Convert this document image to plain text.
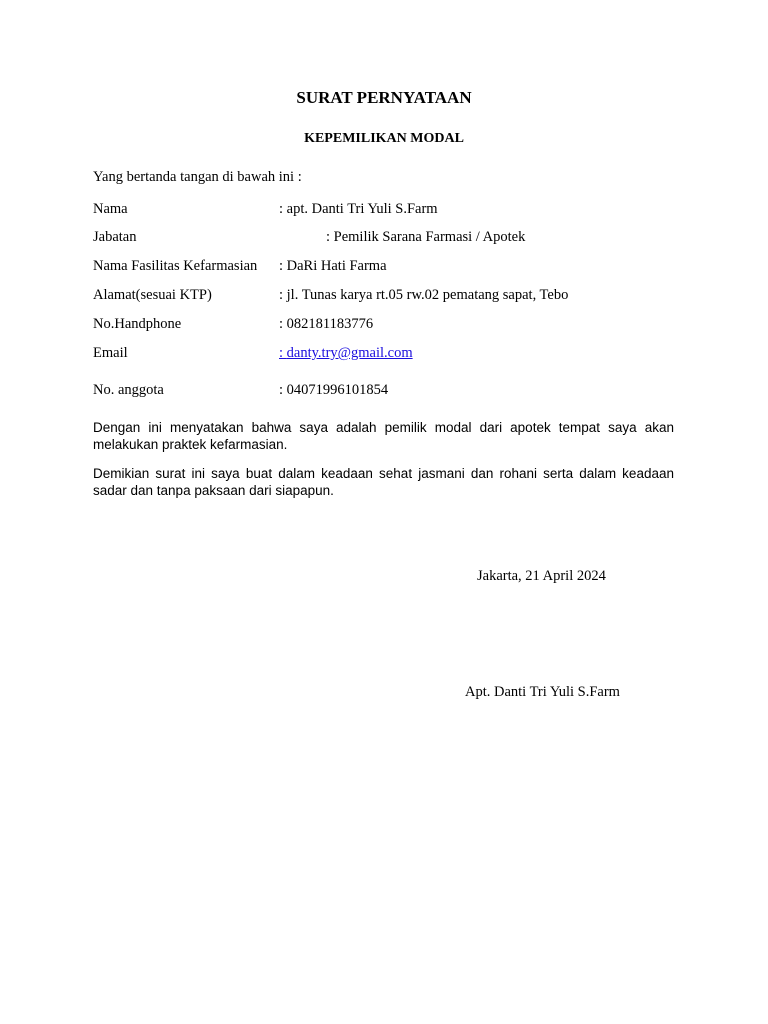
SURAT PERNYATAAN
KEPEMILIKAN MODAL
Yang bertanda tangan di bawah ini :
Nama	: apt. Danti Tri Yuli S.Farm
Jabatan	: Pemilik Sarana Farmasi / Apotek
Nama Fasilitas Kefarmasian : DaRi Hati Farma
Alamat(sesuai KTP)	: jl. Tunas karya rt.05 rw.02 pematang sapat, Tebo
No.Handphone	: 082181183776
Email	: danty.try@gmail.com
No. anggota	: 04071996101854
Dengan ini menyatakan bahwa saya adalah pemilik modal dari apotek tempat saya akan melakukan praktek kefarmasian.
Demikian surat ini saya buat dalam keadaan sehat jasmani dan rohani serta dalam keadaan sadar dan tanpa paksaan dari siapapun.
Jakarta, 21 April 2024
Apt. Danti Tri Yuli S.Farm
